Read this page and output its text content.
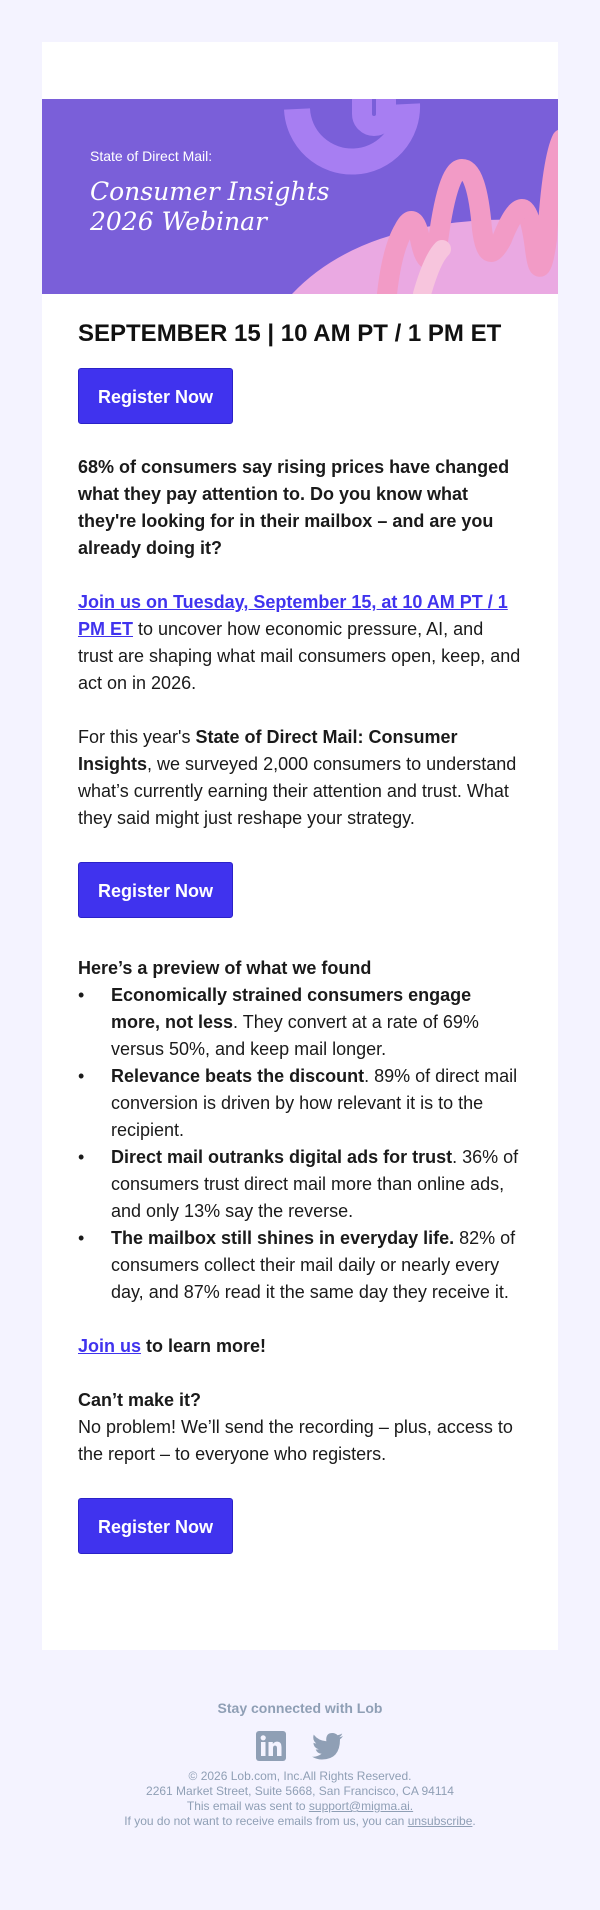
State of Direct Mail:
Consumer Insights
2026 Webinar
SEPTEMBER 15 | 10 AM PT / 1 PM ET
Register Now

68% of consumers say rising prices have changed what they pay attention to. Do you know what they're looking for in their mailbox – and are you already doing it?

Join us on Tuesday, September 15, at 10 AM PT / 1 PM ET to uncover how economic pressure, AI, and trust are shaping what mail consumers open, keep, and act on in 2026.

For this year's State of Direct Mail: Consumer Insights, we surveyed 2,000 consumers to understand what’s currently earning their attention and trust. What they said might just reshape your strategy.

Register Now
Here’s a preview of what we found
• Economically strained consumers engage more, not less. They convert at a rate of 69% versus 50%, and keep mail longer.
• Relevance beats the discount. 89% of direct mail conversion is driven by how relevant it is to the recipient.
• Direct mail outranks digital ads for trust. 36% of consumers trust direct mail more than online ads, and only 13% say the reverse.
• The mailbox still shines in everyday life. 82% of consumers collect their mail daily or nearly every day, and 87% read it the same day they receive it.

Join us to learn more!

Can’t make it?

No problem! We’ll send the recording – plus, access to the report – to everyone who registers.

Register Now
Stay connected with Lob

© 2026 Lob.com, Inc.All Rights Reserved.
2261 Market Street, Suite 5668, San Francisco, CA 94114
This email was sent to support@migma.ai.
If you do not want to receive emails from us, you can unsubscribe.
